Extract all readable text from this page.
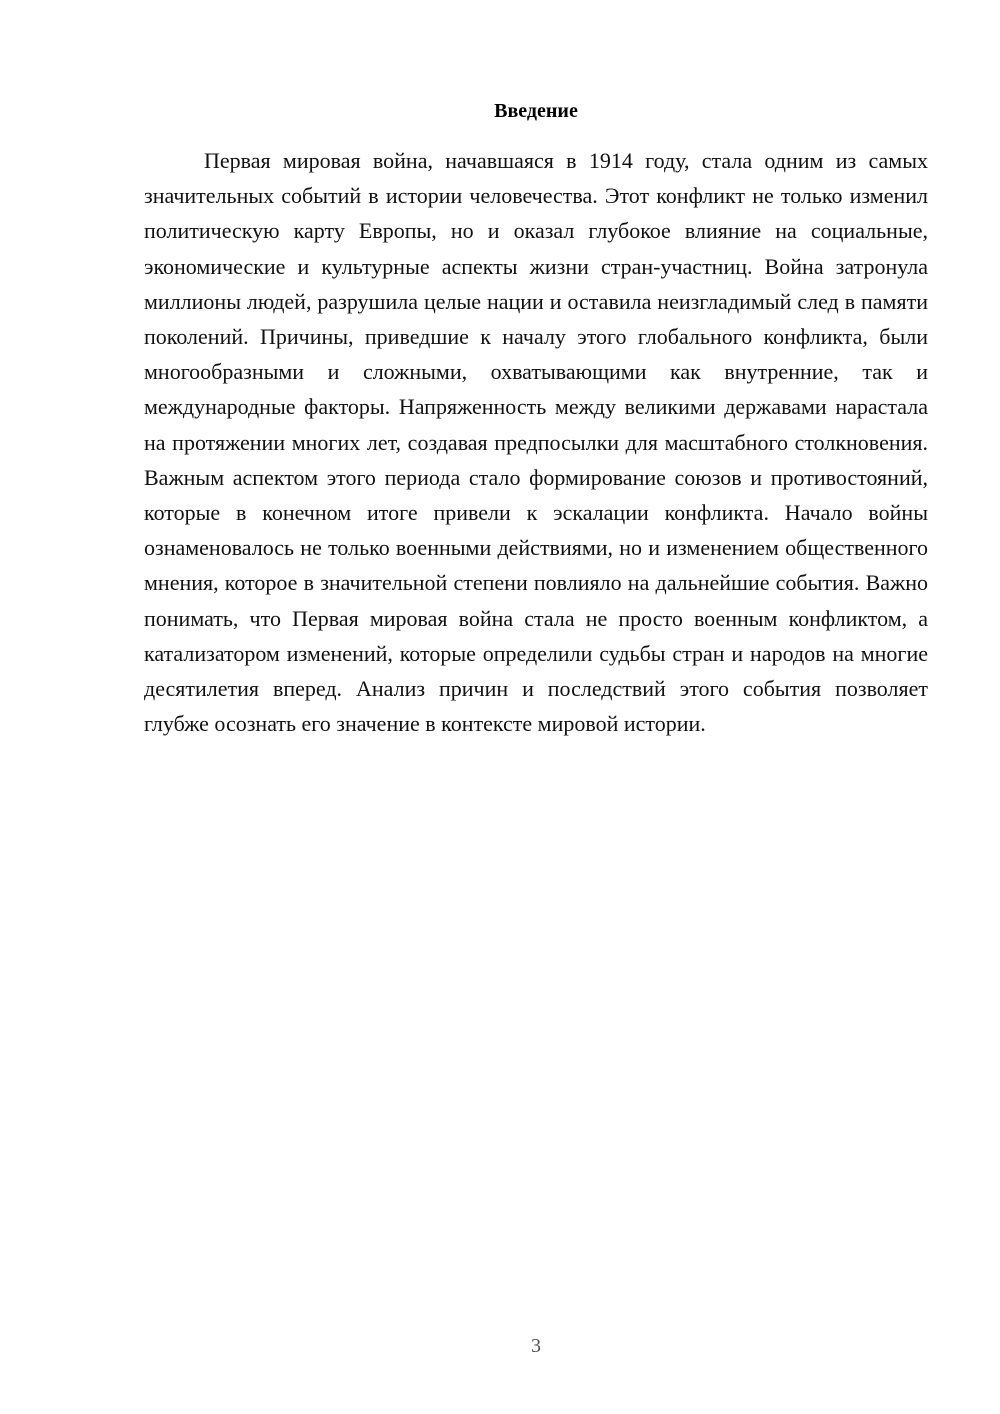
Введение

Первая мировая война, начавшаяся в 1914 году, стала одним из самых значительных событий в истории человечества. Этот конфликт не только изменил политическую карту Европы, но и оказал глубокое влияние на социальные, экономические и культурные аспекты жизни стран-участниц. Война затронула миллионы людей, разрушила целые нации и оставила неизгладимый след в памяти поколений. Причины, приведшие к началу этого глобального конфликта, были многообразными и сложными, охватывающими как внутренние, так и международные факторы. Напряженность между великими державами нарастала на протяжении многих лет, создавая предпосылки для масштабного столкновения. Важным аспектом этого периода стало формирование союзов и противостояний, которые в конечном итоге привели к эскалации конфликта. Начало войны ознаменовалось не только военными действиями, но и изменением общественного мнения, которое в значительной степени повлияло на дальнейшие события. Важно понимать, что Первая мировая война стала не просто военным конфликтом, а катализатором изменений, которые определили судьбы стран и народов на многие десятилетия вперед. Анализ причин и последствий этого события позволяет глубже осознать его значение в контексте мировой истории.

3
